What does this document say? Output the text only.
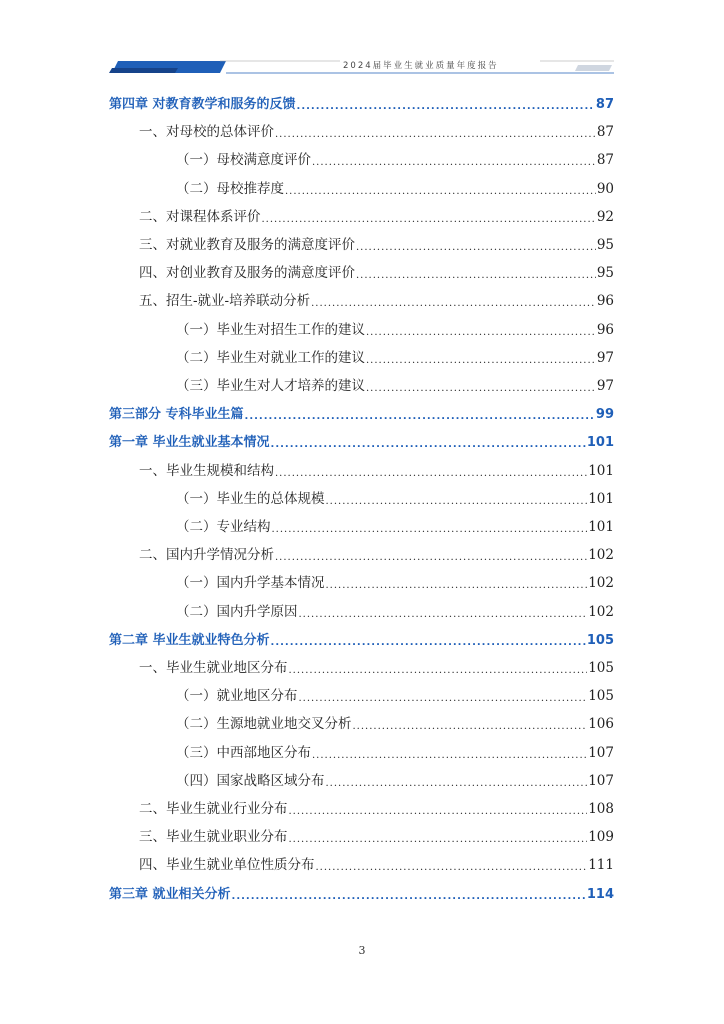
2024届毕业生就业质量年度报告
第四章 对教育教学和服务的反馈 .....	87
一、对母校的总体评价 .....	87
（一）母校满意度评价 .....	87
（二）母校推荐度 .....	90
二、对课程体系评价 .....	92
三、对就业教育及服务的满意度评价 .....	95
四、对创业教育及服务的满意度评价 .....	95
五、招生-就业-培养联动分析 .....	96
（一）毕业生对招生工作的建议 .....	96
（二）毕业生对就业工作的建议 .....	97
（三）毕业生对人才培养的建议 .....	97
第三部分 专科毕业生篇 .....	99
第一章 毕业生就业基本情况 .....	101
一、毕业生规模和结构 .....	101
（一）毕业生的总体规模 .....	101
（二）专业结构 .....	101
二、国内升学情况分析 .....	102
（一）国内升学基本情况 .....	102
（二）国内升学原因 .....	102
第二章 毕业生就业特色分析 .....	105
一、毕业生就业地区分布 .....	105
（一）就业地区分布 .....	105
（二）生源地就业地交叉分析 .....	106
（三）中西部地区分布 .....	107
（四）国家战略区域分布 .....	107
二、毕业生就业行业分布 .....	108
三、毕业生就业职业分布 .....	109
四、毕业生就业单位性质分布 .....	111
第三章 就业相关分析 .....	114
3
